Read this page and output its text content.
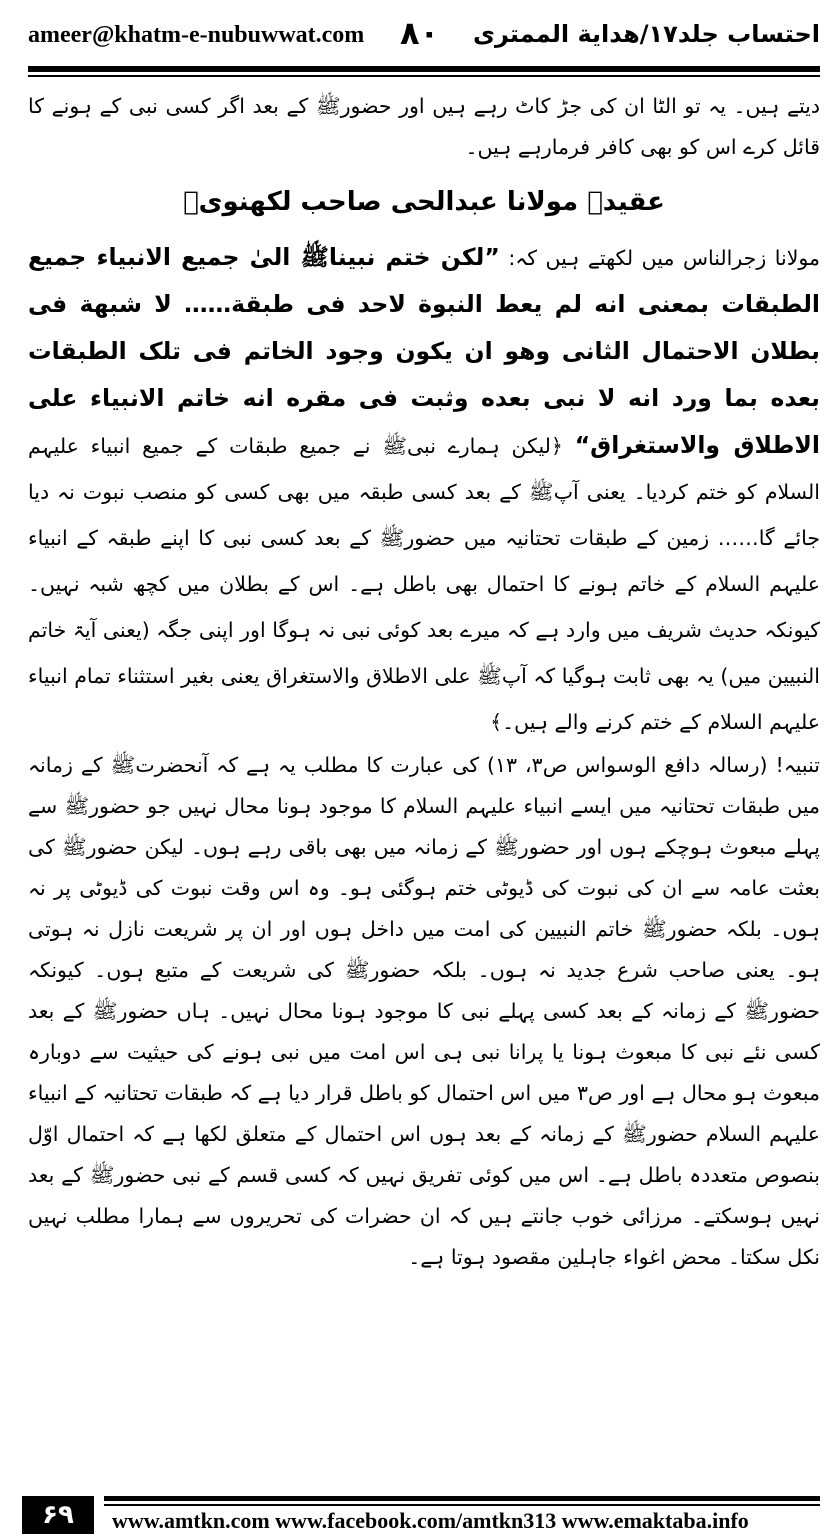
ameer@khatm-e-nubuwwat.com ۸۰ احتساب جلد۱۷/هدایة الممتری

دیتے ہیں۔ یہ تو الٹا ان کی جڑ کاٹ رہے ہیں اور حضورﷺ کے بعد اگر کسی نبی کے ہونے کا قائل کرے اس کو بھی کافر فرمارہے ہیں۔

عقیدہ مولانا عبدالحی صاحب لکھنویؒ

مولانا زجرالناس میں لکھتے ہیں کہ: ”لکن ختم نبیناﷺ الیٰ جمیع الانبیاء جمیع الطبقات بمعنی انه لم یعط النبوة لاحد فی طبقة…… لا شبهة فی بطلان الاحتمال الثانی وهو ان یکون وجود الخاتم فی تلک الطبقات بعده بما ورد انه لا نبی بعده وثبت فی مقره انه خاتم الانبیاء علی الاطلاق والاستغراق“ ﴿لیکن ہمارے نبیﷺ نے جمیع طبقات کے جمیع انبیاء علیہم السلام کو ختم کردیا۔ یعنی آپﷺ کے بعد کسی طبقہ میں بھی کسی کو منصب نبوت نہ دیا جائے گا…… زمین کے طبقات تحتانیہ میں حضورﷺ کے بعد کسی نبی کا اپنے طبقہ کے انبیاء علیہم السلام کے خاتم ہونے کا احتمال بھی باطل ہے۔ اس کے بطلان میں کچھ شبہ نہیں۔ کیونکہ حدیث شریف میں وارد ہے کہ میرے بعد کوئی نبی نہ ہوگا اور اپنی جگہ (یعنی آیۃ خاتم النبیین میں) یہ بھی ثابت ہوگیا کہ آپﷺ علی الاطلاق والاستغراق یعنی بغیر استثناء تمام انبیاء علیہم السلام کے ختم کرنے والے ہیں۔﴾

تنبیہ! (رسالہ دافع الوسواس ص۳، ۱۳) کی عبارت کا مطلب یہ ہے کہ آنحضرتﷺ کے زمانہ میں طبقات تحتانیہ میں ایسے انبیاء علیہم السلام کا موجود ہونا محال نہیں جو حضورﷺ سے پہلے مبعوث ہوچکے ہوں اور حضورﷺ کے زمانہ میں بھی باقی رہے ہوں۔ لیکن حضورﷺ کی بعثت عامہ سے ان کی نبوت کی ڈیوٹی ختم ہوگئی ہو۔ وہ اس وقت نبوت کی ڈیوٹی پر نہ ہوں۔ بلکہ حضورﷺ خاتم النبیین کی امت میں داخل ہوں اور ان پر شریعت نازل نہ ہوتی ہو۔ یعنی صاحب شرع جدید نہ ہوں۔ بلکہ حضورﷺ کی شریعت کے متبع ہوں۔ کیونکہ حضورﷺ کے زمانہ کے بعد کسی پہلے نبی کا موجود ہونا محال نہیں۔ ہاں حضورﷺ کے بعد کسی نئے نبی کا مبعوث ہونا یا پرانا نبی ہی اس امت میں نبی ہونے کی حیثیت سے دوبارہ مبعوث ہو محال ہے اور ص۳ میں اس احتمال کو باطل قرار دیا ہے کہ طبقات تحتانیہ کے انبیاء علیہم السلام حضورﷺ کے زمانہ کے بعد ہوں اس احتمال کے متعلق لکھا ہے کہ احتمال اوّل بنصوص متعددہ باطل ہے۔ اس میں کوئی تفریق نہیں کہ کسی قسم کے نبی حضورﷺ کے بعد نہیں ہوسکتے۔ مرزائی خوب جانتے ہیں کہ ان حضرات کی تحریروں سے ہمارا مطلب نہیں نکل سکتا۔ محض اغواء جاہلین مقصود ہوتا ہے۔

۶۹	www.amtkn.com www.facebook.com/amtkn313 www.emaktaba.info
